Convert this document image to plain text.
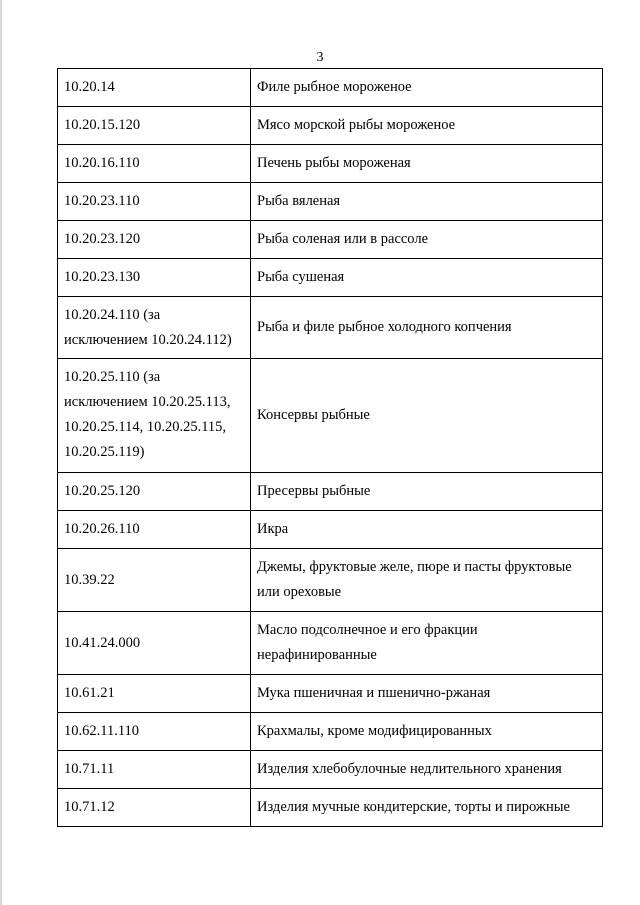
3
10.20.14	Филе рыбное мороженое
10.20.15.120	Мясо морской рыбы мороженое
10.20.16.110	Печень рыбы мороженая
10.20.23.110	Рыба вяленая
10.20.23.120	Рыба соленая или в рассоле
10.20.23.130	Рыба сушеная
10.20.24.110 (за исключением 10.20.24.112)	Рыба и филе рыбное холодного копчения
10.20.25.110 (за исключением 10.20.25.113, 10.20.25.114, 10.20.25.115, 10.20.25.119)	Консервы рыбные
10.20.25.120	Пресервы рыбные
10.20.26.110	Икра
10.39.22	Джемы, фруктовые желе, пюре и пасты фруктовые или ореховые
10.41.24.000	Масло подсолнечное и его фракции нерафинированные
10.61.21	Мука пшеничная и пшенично-ржаная
10.62.11.110	Крахмалы, кроме модифицированных
10.71.11	Изделия хлебобулочные недлительного хранения
10.71.12	Изделия мучные кондитерские, торты и пирожные
